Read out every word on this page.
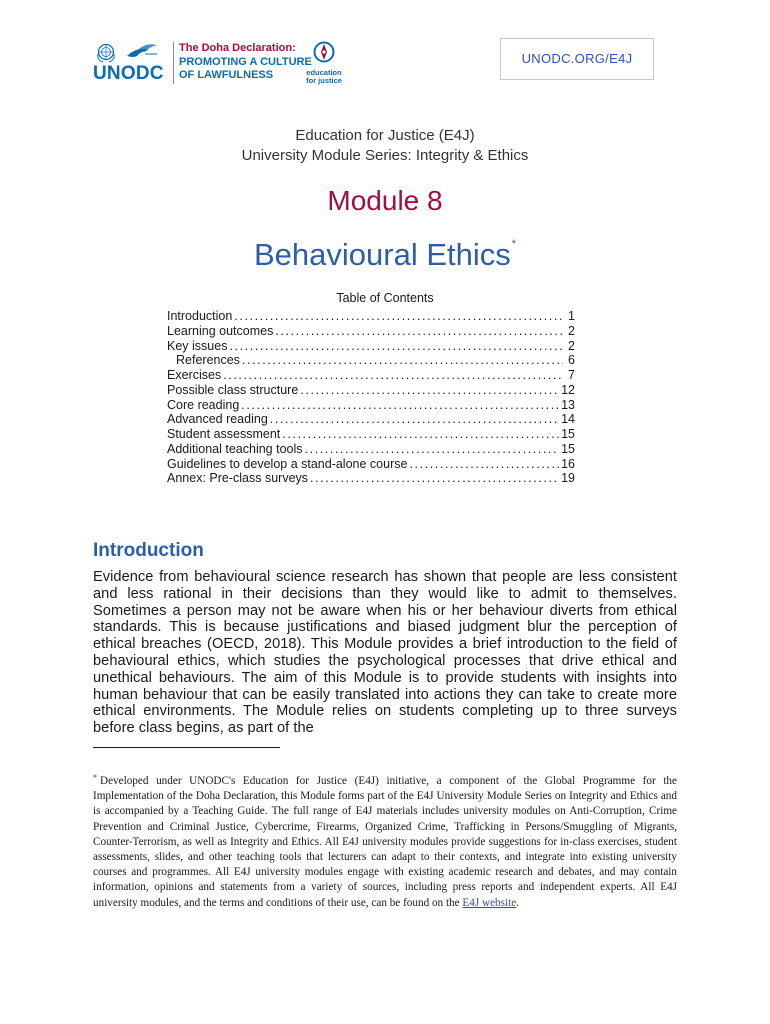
UNODC
The Doha Declaration:
PROMOTING A CULTURE
OF LAWFULNESS	education
for justice
UNODC.ORG/E4J
Education for Justice (E4J)
University Module Series: Integrity & Ethics
Module 8
Behavioural Ethics*
Table of Contents
Introduction .....	1
Learning outcomes .....	2
Key issues .....	2
References .....	6
Exercises .....	7
Possible class structure .....	12
Core reading .....	13
Advanced reading .....	14
Student assessment .....	15
Additional teaching tools .....	15
Guidelines to develop a stand-alone course .....	16
Annex: Pre-class surveys .....	19
Introduction

Evidence from behavioural science research has shown that people are less consistent and less rational in their decisions than they would like to admit to themselves. Sometimes a person may not be aware when his or her behaviour diverts from ethical standards. This is because justifications and biased judgment blur the perception of ethical breaches (OECD, 2018). This Module provides a brief introduction to the field of behavioural ethics, which studies the psychological processes that drive ethical and unethical behaviours. The aim of this Module is to provide students with insights into human behaviour that can be easily translated into actions they can take to create more ethical environments. The Module relies on students completing up to three surveys before class begins, as part of the

* Developed under UNODC's Education for Justice (E4J) initiative, a component of the Global Programme for the Implementation of the Doha Declaration, this Module forms part of the E4J University Module Series on Integrity and Ethics and is accompanied by a Teaching Guide. The full range of E4J materials includes university modules on Anti-Corruption, Crime Prevention and Criminal Justice, Cybercrime, Firearms, Organized Crime, Trafficking in Persons/Smuggling of Migrants, Counter-Terrorism, as well as Integrity and Ethics. All E4J university modules provide suggestions for in-class exercises, student assessments, slides, and other teaching tools that lecturers can adapt to their contexts, and integrate into existing university courses and programmes. All E4J university modules engage with existing academic research and debates, and may contain information, opinions and statements from a variety of sources, including press reports and independent experts. All E4J university modules, and the terms and conditions of their use, can be found on the E4J website.
